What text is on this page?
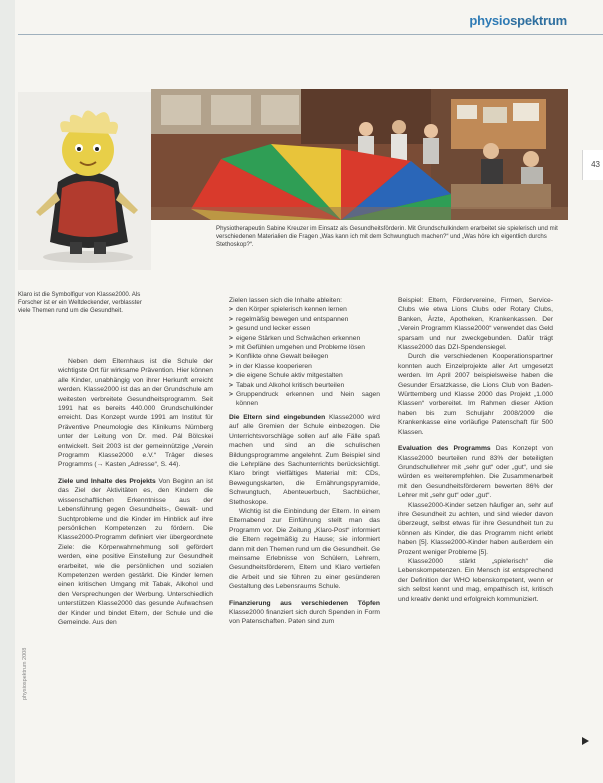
physiospektrum
43
Physiotherapeutin Sabine Kreuzer im Einsatz als Gesundheitsförderin. Mit Grundschulkindern erarbeitet sie spielerisch und mit verschiedenen Materialien die Fragen „Was kann ich mit dem Schwungtuch machen?“ und „Was höre ich eigentlich durchs Stethoskop?“.
Klaro ist die Symbolfigur von Klasse2000. Als Forscher ist er ein Weltdeckender, verblasster viele Themen rund um die Gesundheit.

Neben dem Elternhaus ist die Schule der wichtigste Ort für wirksame Prävention. Hier können alle Kinder, unabhängig von ihrer Herkunft erreicht werden. Klasse2000 ist das an der Grundschule am weitesten verbreitete Gesundheitsprogramm. Seit 1991 hat es bereits 440.000 Grundschulkinder erreicht. Das Konzept wurde 1991 am Institut für Präventive Pneumologie des Klinikums Nürnberg unter der Leitung von Dr. med. Pál Bölcskei entwickelt. Seit 2003 ist der gemeinnützige „Verein Programm Klasse2000 e.V.“ Träger dieses Programms (→ Kasten „Adresse“, S. 44).

Ziele und Inhalte des Projekts Von Beginn an ist das Ziel der Aktivitäten es, den Kindern die wissenschaftlichen Erkenntnisse aus der Lebensführung gegen Gesundheits-, Gewalt- und Suchtprobleme und die Kinder im Hinblick auf ihre persönlichen Kompetenzen zu fördern. Die Klasse2000-Programm definiert vier übergeordnete Ziele: die Körperwahrnehmung soll gefördert werden, eine positive Einstellung zur Gesundheit erarbeitet, wie die persönlichen und sozialen Kompetenzen werden gestärkt. Die Kinder lernen einen kritischen Umgang mit Tabak, Alkohol und den Versprechungen der Werbung. Unterschiedlich unterstützen Klasse2000 das gesunde Aufwachsen der Kinder und bindet Eltern, der Schule und die Gemeinde. Aus den

Zielen lassen sich die Inhalte ableiten:

> den Körper spielerisch kennen lernen
> regelmäßig bewegen und entspannen
> gesund und lecker essen
> eigene Stärken und Schwächen erkennen
> mit Gefühlen umgehen und Probleme lösen
> Konflikte ohne Gewalt beilegen
> in der Klasse kooperieren
> die eigene Schule aktiv mitgestalten
> Tabak und Alkohol kritisch beurteilen
> Gruppendruck erkennen und Nein sagen können

Die Eltern sind eingebunden Klasse2000 wird auf alle Gremien der Schule einbezogen. Die Unterrichtsvorschläge sollen auf alle Fälle spaß machen und sind an die schulischen Bildungsprogramme angelehnt. Zum Beispiel sind die Lehrpläne des Sachunterrichts berücksichtigt. Klaro bringt vielfältiges Material mit: CDs, Bewegungskarten, die Ernährungspyramide, Schwungtuch, Abenteuerbuch, Sachbücher, Stethoskope.

Wichtig ist die Einbindung der Eltern. In einem Elternabend zur Einführung stellt man das Programm vor. Die Zeitung „Klaro-Post“ informiert die Eltern regelmäßig zu Hause; sie informiert dann mit den Themen rund um die Gesundheit. Ge meinsame Erlebnisse von Schülern, Lehrern, Gesundheitsförderern, Eltern und Klaro vertiefen die Arbeit und sie führen zu einer gesünderen Gestaltung des Lebensraums Schule.

Finanzierung aus verschiedenen Töpfen Klasse2000 finanziert sich durch Spenden in Form von Patenschaften. Paten sind zum

Beispiel: Eltern, Fördervereine, Firmen, Service-Clubs wie etwa Lions Clubs oder Rotary Clubs, Banken, Ärzte, Apotheken, Krankenkassen. Der „Verein Programm Klasse2000“ verwendet das Geld sparsam und nur zweckgebunden. Dafür trägt Klasse2000 das DZI-Spendensiegel.

Durch die verschiedenen Kooperationspartner konnten auch Einzelprojekte aller Art umgesetzt werden. Im April 2007 beispielsweise haben die Gesunder Ersatzkasse, die Lions Club von Baden-Württemberg und Klasse 2000 das Projekt „1.000 Klassen“ vorbereitet. Im Rahmen dieser Aktion haben bis zum Schuljahr 2008/2009 die Krankenkasse eine vorläufige Patenschaft für 500 Klassen.

Evaluation des Programms Das Konzept von Klasse2000 beurteilen rund 83% der beteiligten Grundschullehrer mit „sehr gut“ oder „gut“, und sie würden es weiterempfehlen. Die Zusammenarbeit mit den Gesundheitsförderern bewerten 86% der Lehrer mit „sehr gut“ oder „gut“.

Klasse2000-Kinder setzen häufiger an, sehr auf ihre Gesundheit zu achten, und sind wieder davon überzeugt, selbst etwas für ihre Gesundheit tun zu können als Kinder, die das Programm nicht erlebt haben [5]. Klasse2000-Kinder haben außerdem ein Prozent weniger Probleme [5].

Klasse2000 stärkt „spielerisch“ die Lebenskompetenzen. Ein Mensch ist entsprechend der Definition der WHO lebenskompetent, wenn er sich selbst kennt und mag, empathisch ist, kritisch und kreativ denkt und erfolgreich kommuniziert.

physiospektrum 2008
